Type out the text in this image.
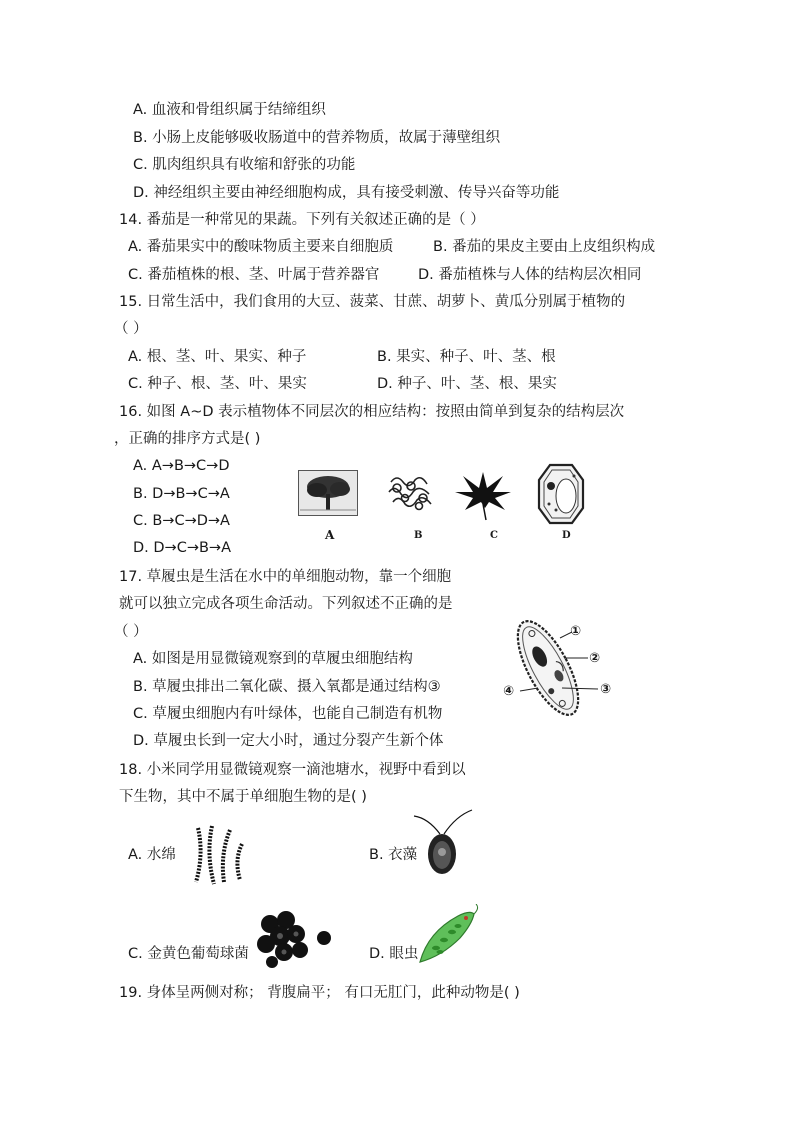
A. 血液和骨组织属于结缔组织
B. 小肠上皮能够吸收肠道中的营养物质，故属于薄壁组织
C. 肌肉组织具有收缩和舒张的功能
D. 神经组织主要由神经细胞构成，具有接受刺激、传导兴奋等功能
14. 番茄是一种常见的果蔬。下列有关叙述正确的是（ ）
A. 番茄果实中的酸味物质主要来自细胞质	B. 番茄的果皮主要由上皮组织构成
C. 番茄植株的根、茎、叶属于营养器官	D. 番茄植株与人体的结构层次相同
15. 日常生活中，我们食用的大豆、菠菜、甘蔗、胡萝卜、黄瓜分别属于植物的
（ ）
A. 根、茎、叶、果实、种子	B. 果实、种子、叶、茎、根
C. 种子、根、茎、叶、果实	D. 种子、叶、茎、根、果实
16. 如图 A~D 表示植物体不同层次的相应结构：按照由简单到复杂的结构层次
，正确的排序方式是( )
A. A→B→C→D
B. D→B→C→A
C. B→C→D→A
D. D→C→B→A
A	B	C	D
17. 草履虫是生活在水中的单细胞动物，靠一个细胞
就可以独立完成各项生命活动。下列叙述不正确的是
（ ）
A. 如图是用显微镜观察到的草履虫细胞结构
B. 草履虫排出二氧化碳、摄入氧都是通过结构③
C. 草履虫细胞内有叶绿体，也能自己制造有机物
D. 草履虫长到一定大小时，通过分裂产生新个体
①
②
③
④
18. 小米同学用显微镜观察一滴池塘水，视野中看到以
下生物，其中不属于单细胞生物的是( )
A. 水绵	B. 衣藻
C. 金黄色葡萄球菌	D. 眼虫
19. 身体呈两侧对称； 背腹扁平； 有口无肛门，此种动物是( )
